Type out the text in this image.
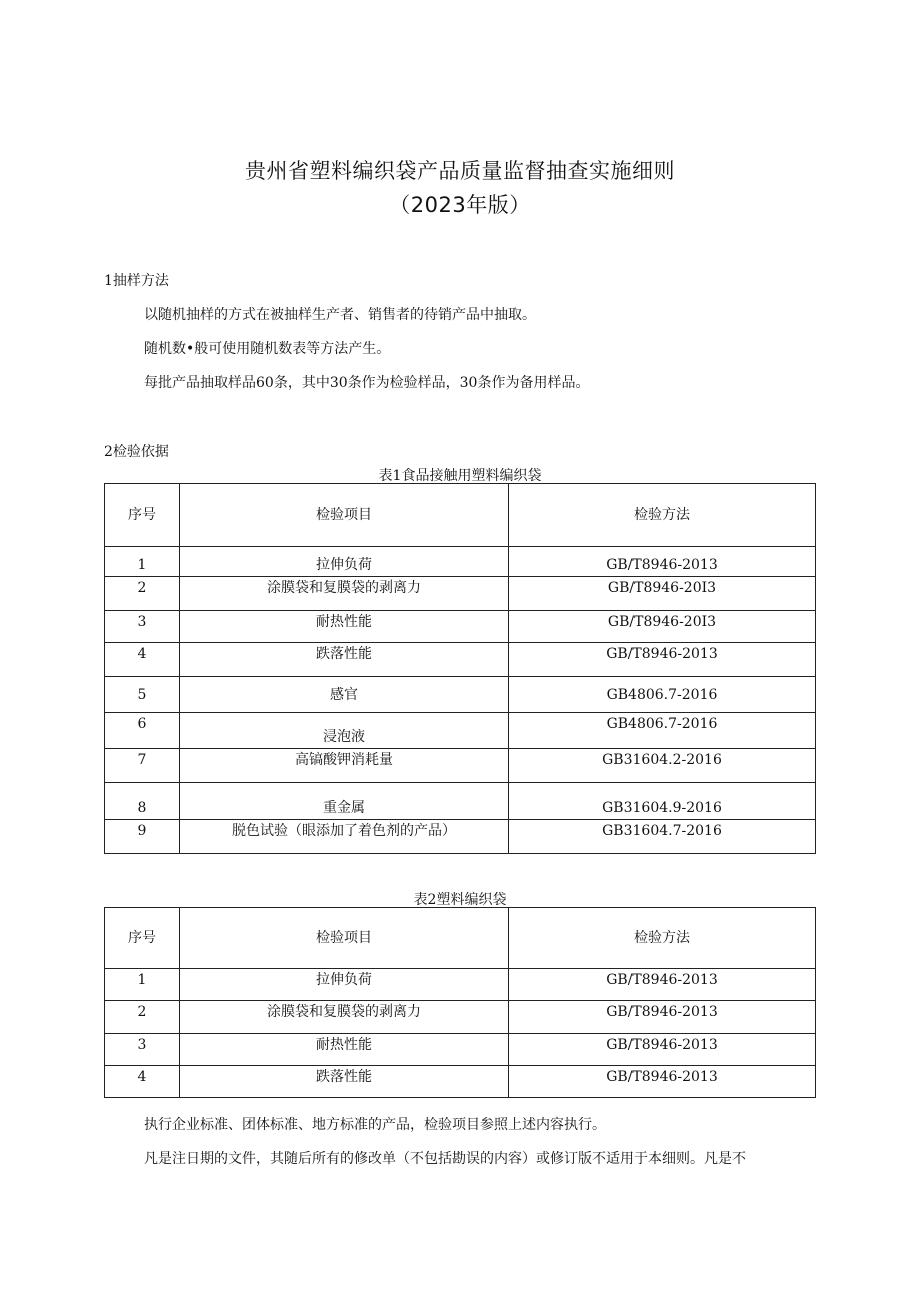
贵州省塑料编织袋产品质量监督抽查实施细则
（2023年版）
1抽样方法
以随机抽样的方式在被抽样生产者、销售者的待销产品中抽取。
随机数•般可使用随机数表等方法产生。
每批产品抽取样品60条，其中30条作为检验样品，30条作为备用样品。
2检验依据
表1食品接触用塑料编织袋
序号	检验项目	检验方法
1	拉伸负荷	GB/T8946-2013
2	涂膜袋和复膜袋的剥离力	GB/T8946-20I3
3	耐热性能	GB/T8946-20I3
4	跌落性能	GB/T8946-2013
5	感官	GB4806.7-2016
6	浸泡液	GB4806.7-2016
7	高镐酸钾消耗量	GB31604.2-2016
8	重金属	GB31604.9-2016
9	脱色试验（眼添加了着色剂的产品）	GB31604.7-2016
表2塑料编织袋
序号	检验项目	检验方法
1	拉伸负荷	GB/T8946-2013
2	涂膜袋和复膜袋的剥离力	GB/T8946-2013
3	耐热性能	GB/T8946-2013
4	跌落性能	GB/T8946-2013
执行企业标准、团体标准、地方标准的产品，检验项目参照上述内容执行。
凡是注日期的文件，其随后所有的修改单（不包括勘误的内容）或修订版不适用于本细则。凡是不
